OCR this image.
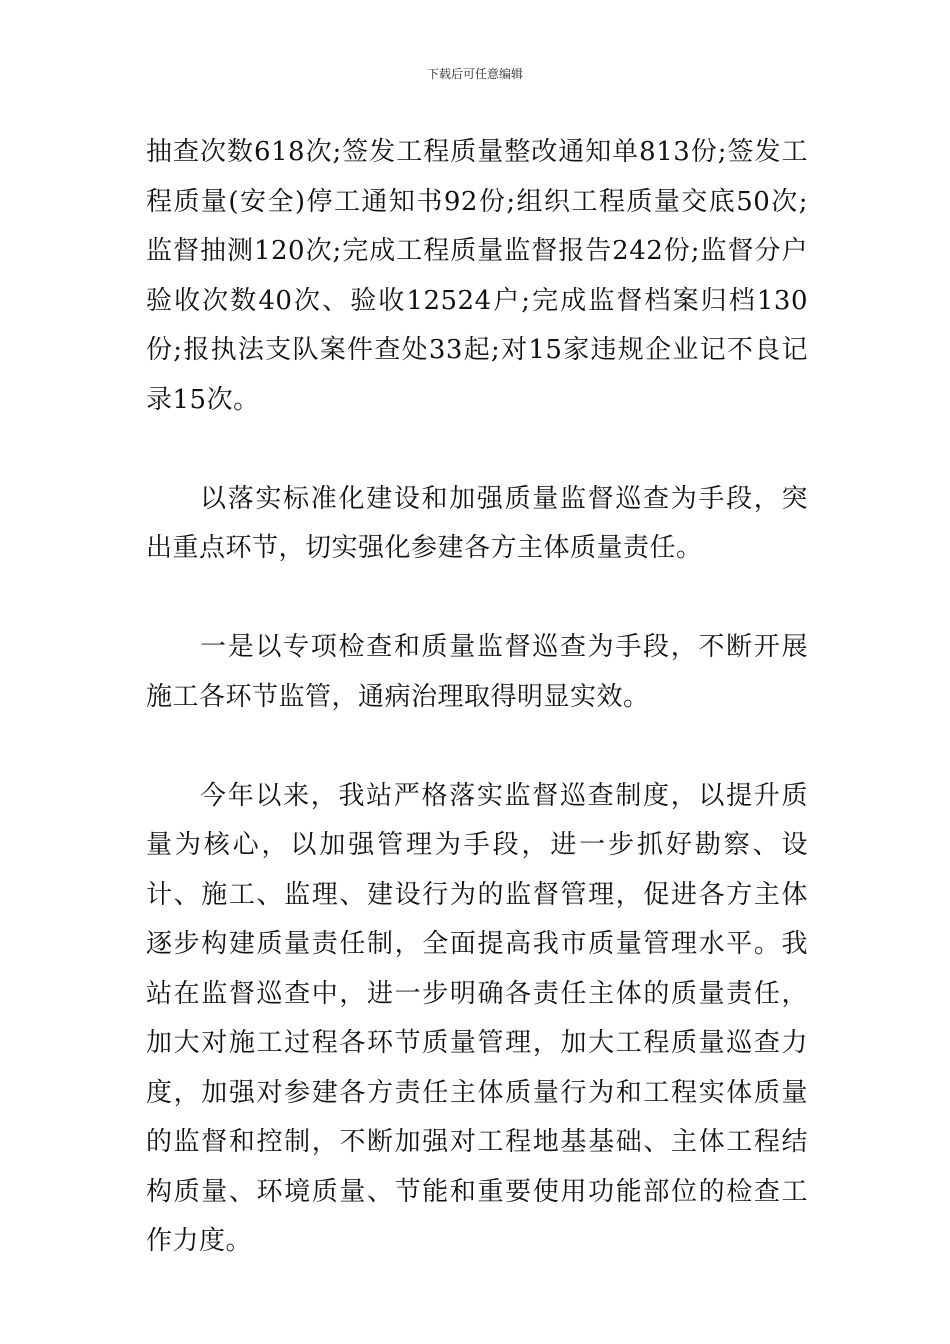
下载后可任意编辑

抽查次数618次;签发工程质量整改通知单813份;签发工程质量(安全)停工通知书92份;组织工程质量交底50次;监督抽测120次;完成工程质量监督报告242份;监督分户验收次数40次、验收12524户;完成监督档案归档130份;报执法支队案件查处33起;对15家违规企业记不良记录15次。

以落实标准化建设和加强质量监督巡查为手段，突出重点环节，切实强化参建各方主体质量责任。

一是以专项检查和质量监督巡查为手段，不断开展施工各环节监管，通病治理取得明显实效。

今年以来，我站严格落实监督巡查制度，以提升质量为核心，以加强管理为手段，进一步抓好勘察、设计、施工、监理、建设行为的监督管理，促进各方主体逐步构建质量责任制，全面提高我市质量管理水平。我站在监督巡查中，进一步明确各责任主体的质量责任，加大对施工过程各环节质量管理，加大工程质量巡查力度，加强对参建各方责任主体质量行为和工程实体质量的监督和控制，不断加强对工程地基基础、主体工程结构质量、环境质量、节能和重要使用功能部位的检查工作力度。
